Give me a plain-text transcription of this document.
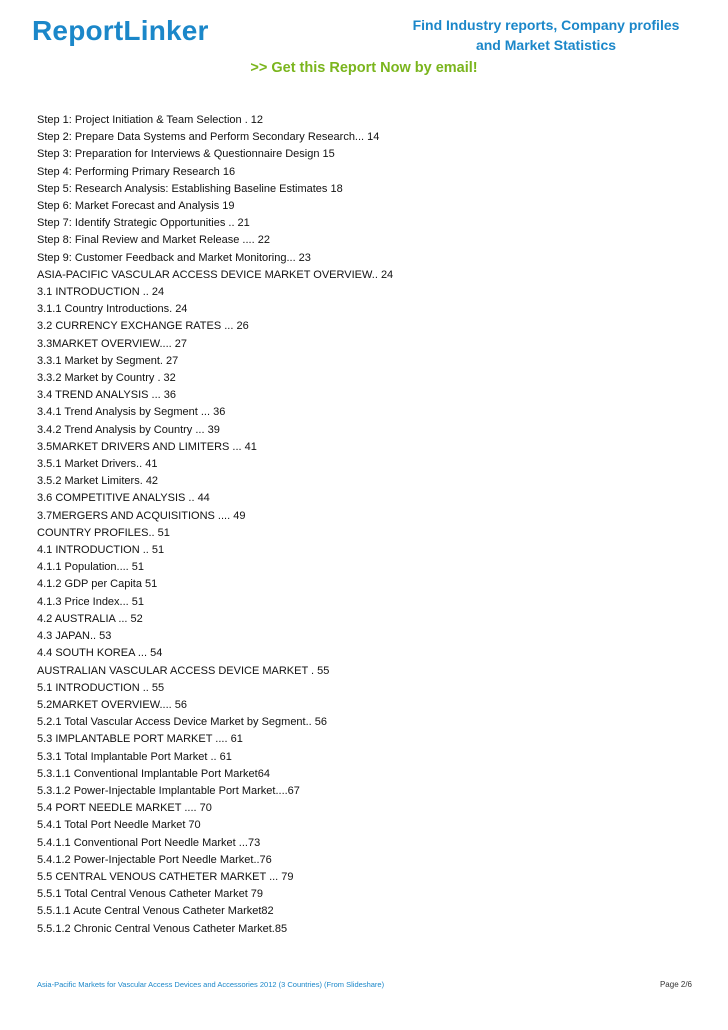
ReportLinker	Find Industry reports, Company profiles
and Market Statistics
>> Get this Report Now by email!
Step 1: Project Initiation & Team Selection . 12
Step 2: Prepare Data Systems and Perform Secondary Research... 14
Step 3: Preparation for Interviews & Questionnaire Design 15
Step 4: Performing Primary Research 16
Step 5: Research Analysis: Establishing Baseline Estimates 18
Step 6: Market Forecast and Analysis 19
Step 7: Identify Strategic Opportunities .. 21
Step 8: Final Review and Market Release .... 22
Step 9: Customer Feedback and Market Monitoring... 23
ASIA-PACIFIC VASCULAR ACCESS DEVICE MARKET OVERVIEW.. 24
3.1 INTRODUCTION .. 24
3.1.1 Country Introductions. 24
3.2 CURRENCY EXCHANGE RATES ... 26
3.3MARKET OVERVIEW.... 27
3.3.1 Market by Segment. 27
3.3.2 Market by Country . 32
3.4 TREND ANALYSIS ... 36
3.4.1 Trend Analysis by Segment ... 36
3.4.2 Trend Analysis by Country ... 39
3.5MARKET DRIVERS AND LIMITERS ... 41
3.5.1 Market Drivers.. 41
3.5.2 Market Limiters. 42
3.6 COMPETITIVE ANALYSIS .. 44
3.7MERGERS AND ACQUISITIONS .... 49
COUNTRY PROFILES.. 51
4.1 INTRODUCTION .. 51
4.1.1 Population.... 51
4.1.2 GDP per Capita 51
4.1.3 Price Index... 51
4.2 AUSTRALIA ... 52
4.3 JAPAN.. 53
4.4 SOUTH KOREA ... 54
AUSTRALIAN VASCULAR ACCESS DEVICE MARKET . 55
5.1 INTRODUCTION .. 55
5.2MARKET OVERVIEW.... 56
5.2.1 Total Vascular Access Device Market by Segment.. 56
5.3 IMPLANTABLE PORT MARKET .... 61
5.3.1 Total Implantable Port Market .. 61
5.3.1.1 Conventional Implantable Port Market64
5.3.1.2 Power-Injectable Implantable Port Market....67
5.4 PORT NEEDLE MARKET .... 70
5.4.1 Total Port Needle Market 70
5.4.1.1 Conventional Port Needle Market ...73
5.4.1.2 Power-Injectable Port Needle Market..76
5.5 CENTRAL VENOUS CATHETER MARKET ... 79
5.5.1 Total Central Venous Catheter Market 79
5.5.1.1 Acute Central Venous Catheter Market82
5.5.1.2 Chronic Central Venous Catheter Market.85
Asia-Pacific Markets for Vascular Access Devices and Accessories 2012 (3 Countries) (From Slideshare)	Page 2/6
